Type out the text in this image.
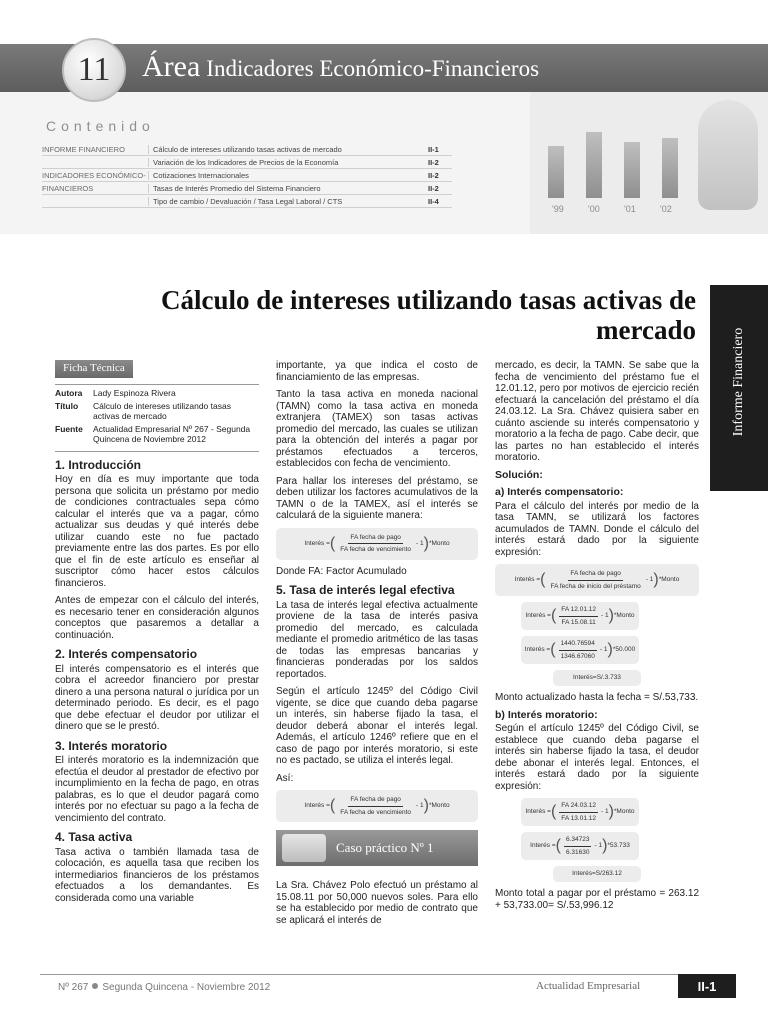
'99	'00	'01	'02
11 Área Indicadores Económico-Financieros
Contenido
INFORME FINANCIERO	Cálculo de intereses utilizando tasas activas de mercado	II-1
Variación de los Indicadores de Precios de la Economía	II-2
INDICADORES ECONÓMICO- Cotizaciones Internacionales	II-2
FINANCIEROS	Tasas de Interés Promedio del Sistema Financiero	II-2
Tipo de cambio / Devaluación / Tasa Legal Laboral / CTS	II-4
Informe Financiero
Cálculo de intereses utilizando tasas activas de mercado
Ficha Técnica
Autora	Lady Espinoza Rivera
Título	Cálculo de intereses utilizando tasas activas de mercado
Fuente	Actualidad Empresarial Nº 267 - Segunda Quincena de Noviembre 2012
1. Introducción

Hoy en día es muy importante que toda persona que solicita un préstamo por medio de condiciones contractuales sepa cómo calcular el interés que va a pagar, cómo actualizar sus deudas y qué interés debe utilizar cuando este no fue pactado previamente entre las dos partes. Es por ello que el fin de este artículo es enseñar al suscriptor cómo hacer estos cálculos financieros.

Antes de empezar con el cálculo del interés, es necesario tener en consideración algunos conceptos que pasaremos a detallar a continuación.

2. Interés compensatorio

El interés compensatorio es el interés que cobra el acreedor financiero por prestar dinero a una persona natural o jurídica por un determinado periodo. Es decir, es el pago que debe efectuar el deudor por utilizar el dinero que se le prestó.

3. Interés moratorio

El interés moratorio es la indemnización que efectúa el deudor al prestador de efectivo por incumplimiento en la fecha de pago, en otras palabras, es lo que el deudor pagará como interés por no efectuar su pago a la fecha de vencimiento del contrato.

4. Tasa activa

Tasa activa o también llamada tasa de colocación, es aquella tasa que reciben los intermediarios financieros de los préstamos efectuados a los demandantes. Es considerada como una variable

importante, ya que indica el costo de financiamiento de las empresas.

Tanto la tasa activa en moneda nacional (TAMN) como la tasa activa en moneda extranjera (TAMEX) son tasas activas promedio del mercado, las cuales se utilizan para la obtención del interés a pagar por préstamos efectuados a terceros, establecidos con fecha de vencimiento.

Para hallar los intereses del préstamo, se deben utilizar los factores acumulativos de la TAMN o de la TAMEX, así el interés se calculará de la siguiente manera:

Interés = ( $\frac{\text{FA fecha de pago}}{\text{FA fecha de vencimiento}} - 1$ ) *Monto

Donde FA: Factor Acumulado

5. Tasa de interés legal efectiva

La tasa de interés legal efectiva actualmente proviene de la tasa de interés pasiva promedio del mercado, es calculada mediante el promedio aritmético de las tasas de todas las empresas bancarias y financieras ponderadas por los saldos reportados.

Según el artículo 1245º del Código Civil vigente, se dice que cuando deba pagarse un interés, sin haberse fijado la tasa, el deudor deberá abonar el interés legal. Además, el artículo 1246º refiere que en el caso de pago por interés moratorio, si este no es pactado, se utiliza el interés legal.

Así:

Interés = ( $\frac{\text{FA fecha de pago}}{\text{FA fecha de vencimiento}} - 1$ ) *Monto
Caso práctico Nº 1

La Sra. Chávez Polo efectuó un préstamo al 15.08.11 por 50,000 nuevos soles. Para ello se ha establecido por medio de contrato que se aplicará el interés de

mercado, es decir, la TAMN. Se sabe que la fecha de vencimiento del préstamo fue el 12.01.12, pero por motivos de ejercicio recién efectuará la cancelación del préstamo el día 24.03.12. La Sra. Chávez quisiera saber en cuánto asciende su interés compensatorio y moratorio a la fecha de pago. Cabe decir, que las partes no han establecido el interés moratorio.

Solución:
a) Interés compensatorio:

Para el cálculo del interés por medio de la tasa TAMN, se utilizará los factores acumulados de TAMN. Donde el cálculo del interés estará dado por la siguiente expresión:

Interés = ( $\frac{\text{FA fecha de pago}}{\text{FA fecha de inicio del préstamo}} - 1$ ) *Monto
Interés = ( $\frac{FA 12.01.12}{FA 15.08.11} - 1$ ) *Monto
Interés = ( $\frac{1440.76594}{1346.67060} - 1$ ) *50.000
Interés=S/.3.733

Monto actualizado hasta la fecha = S/.53,733.

b) Interés moratorio:

Según el artículo 1245º del Código Civil, se establece que cuando deba pagarse el interés sin haberse fijado la tasa, el deudor debe abonar el interés legal. Entonces, el interés estará dado por la siguiente expresión:

Interés = ( $\frac{FA 24.03.12}{FA 13.01.12} - 1$ ) *Monto
Interés = ( $\frac{6.34723}{6.31630} - 1$ ) *53.733
Interés=S/263.12

Monto total a pagar por el préstamo = 263.12 + 53,733.00= S/.53,996.12

Nº 267 Segunda Quincena - Noviembre 2012	Actualidad Empresarial	II-1
